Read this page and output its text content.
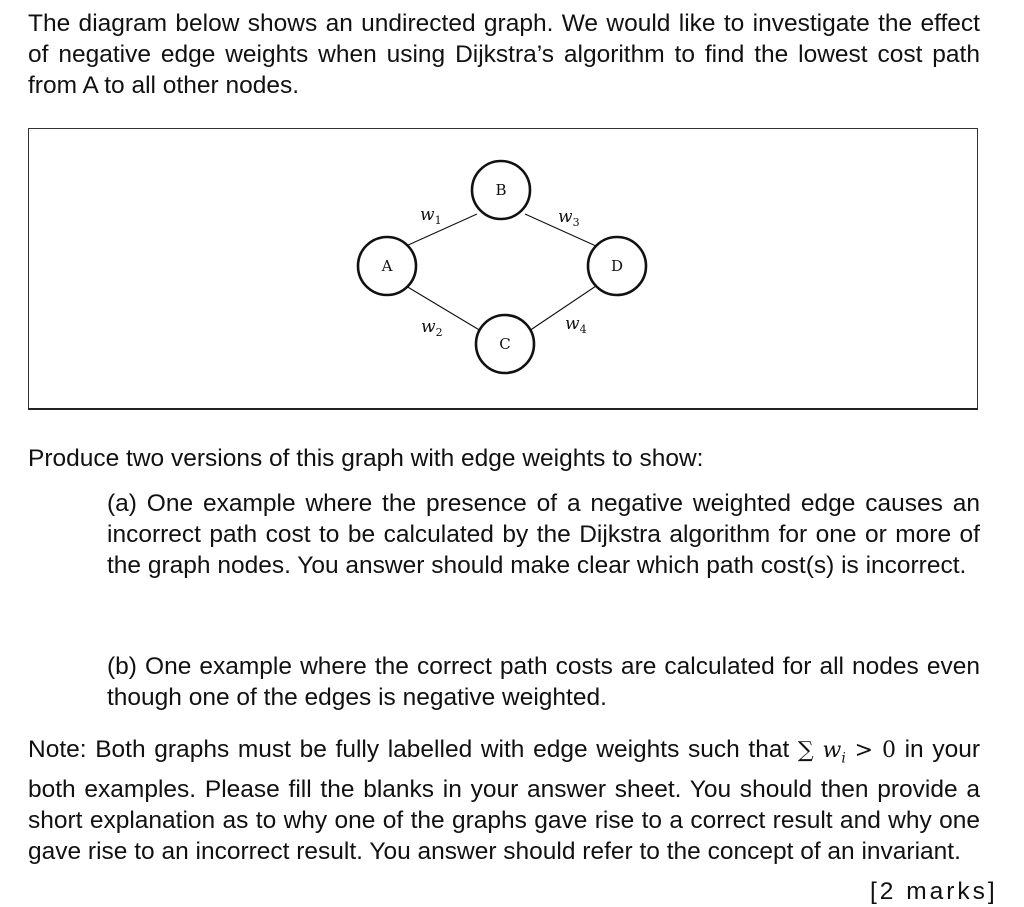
The diagram below shows an undirected graph. We would like to investigate the effect of negative edge weights when using Dijkstra’s algorithm to find the lowest cost path from A to all other nodes.

A
B
C
D
$w_1$	$w_3$
$w_2$	$w_4$

Produce two versions of this graph with edge weights to show:

(a) One example where the presence of a negative weighted edge causes an incorrect path cost to be calculated by the Dijkstra algorithm for one or more of the graph nodes. You answer should make clear which path cost(s) is incorrect.

(b) One example where the correct path costs are calculated for all nodes even though one of the edges is negative weighted.

Note: Both graphs must be fully labelled with edge weights such that ∑ $w_i > 0$ in your both examples. Please fill the blanks in your answer sheet. You should then provide a short explanation as to why one of the graphs gave rise to a correct result and why one gave rise to an incorrect result. You answer should refer to the concept of an invariant.

[2 marks]
